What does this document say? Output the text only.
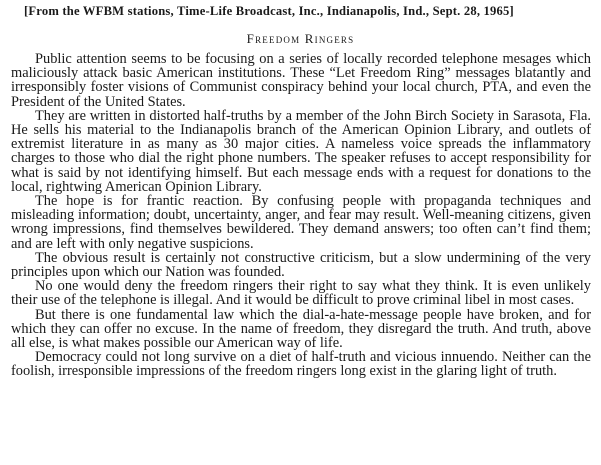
[From the WFBM stations, Time-Life Broadcast, Inc., Indianapolis, Ind., Sept. 28, 1965]
Freedom Ringers

Public attention seems to be focusing on a series of locally recorded telephone mesages which maliciously attack basic American institutions. These “Let Freedom Ring” messages blatantly and irresponsibly foster visions of Communist conspiracy behind your local church, PTA, and even the President of the United States.

They are written in distorted half-truths by a member of the John Birch Society in Sarasota, Fla. He sells his material to the Indianapolis branch of the American Opinion Library, and outlets of extremist literature in as many as 30 major cities. A nameless voice spreads the inflammatory charges to those who dial the right phone numbers. The speaker refuses to accept responsibility for what is said by not identifying himself. But each message ends with a request for donations to the local, rightwing American Opinion Library.

The hope is for frantic reaction. By confusing people with propaganda techniques and misleading information; doubt, uncertainty, anger, and fear may result. Well-meaning citizens, given wrong impressions, find themselves bewildered. They demand answers; too often can’t find them; and are left with only negative suspicions.

The obvious result is certainly not constructive criticism, but a slow undermining of the very principles upon which our Nation was founded.

No one would deny the freedom ringers their right to say what they think. It is even unlikely their use of the telephone is illegal. And it would be difficult to prove criminal libel in most cases.

But there is one fundamental law which the dial-a-hate-message people have broken, and for which they can offer no excuse. In the name of freedom, they disregard the truth. And truth, above all else, is what makes possible our American way of life.

Democracy could not long survive on a diet of half-truth and vicious innuendo. Neither can the foolish, irresponsible impressions of the freedom ringers long exist in the glaring light of truth.
